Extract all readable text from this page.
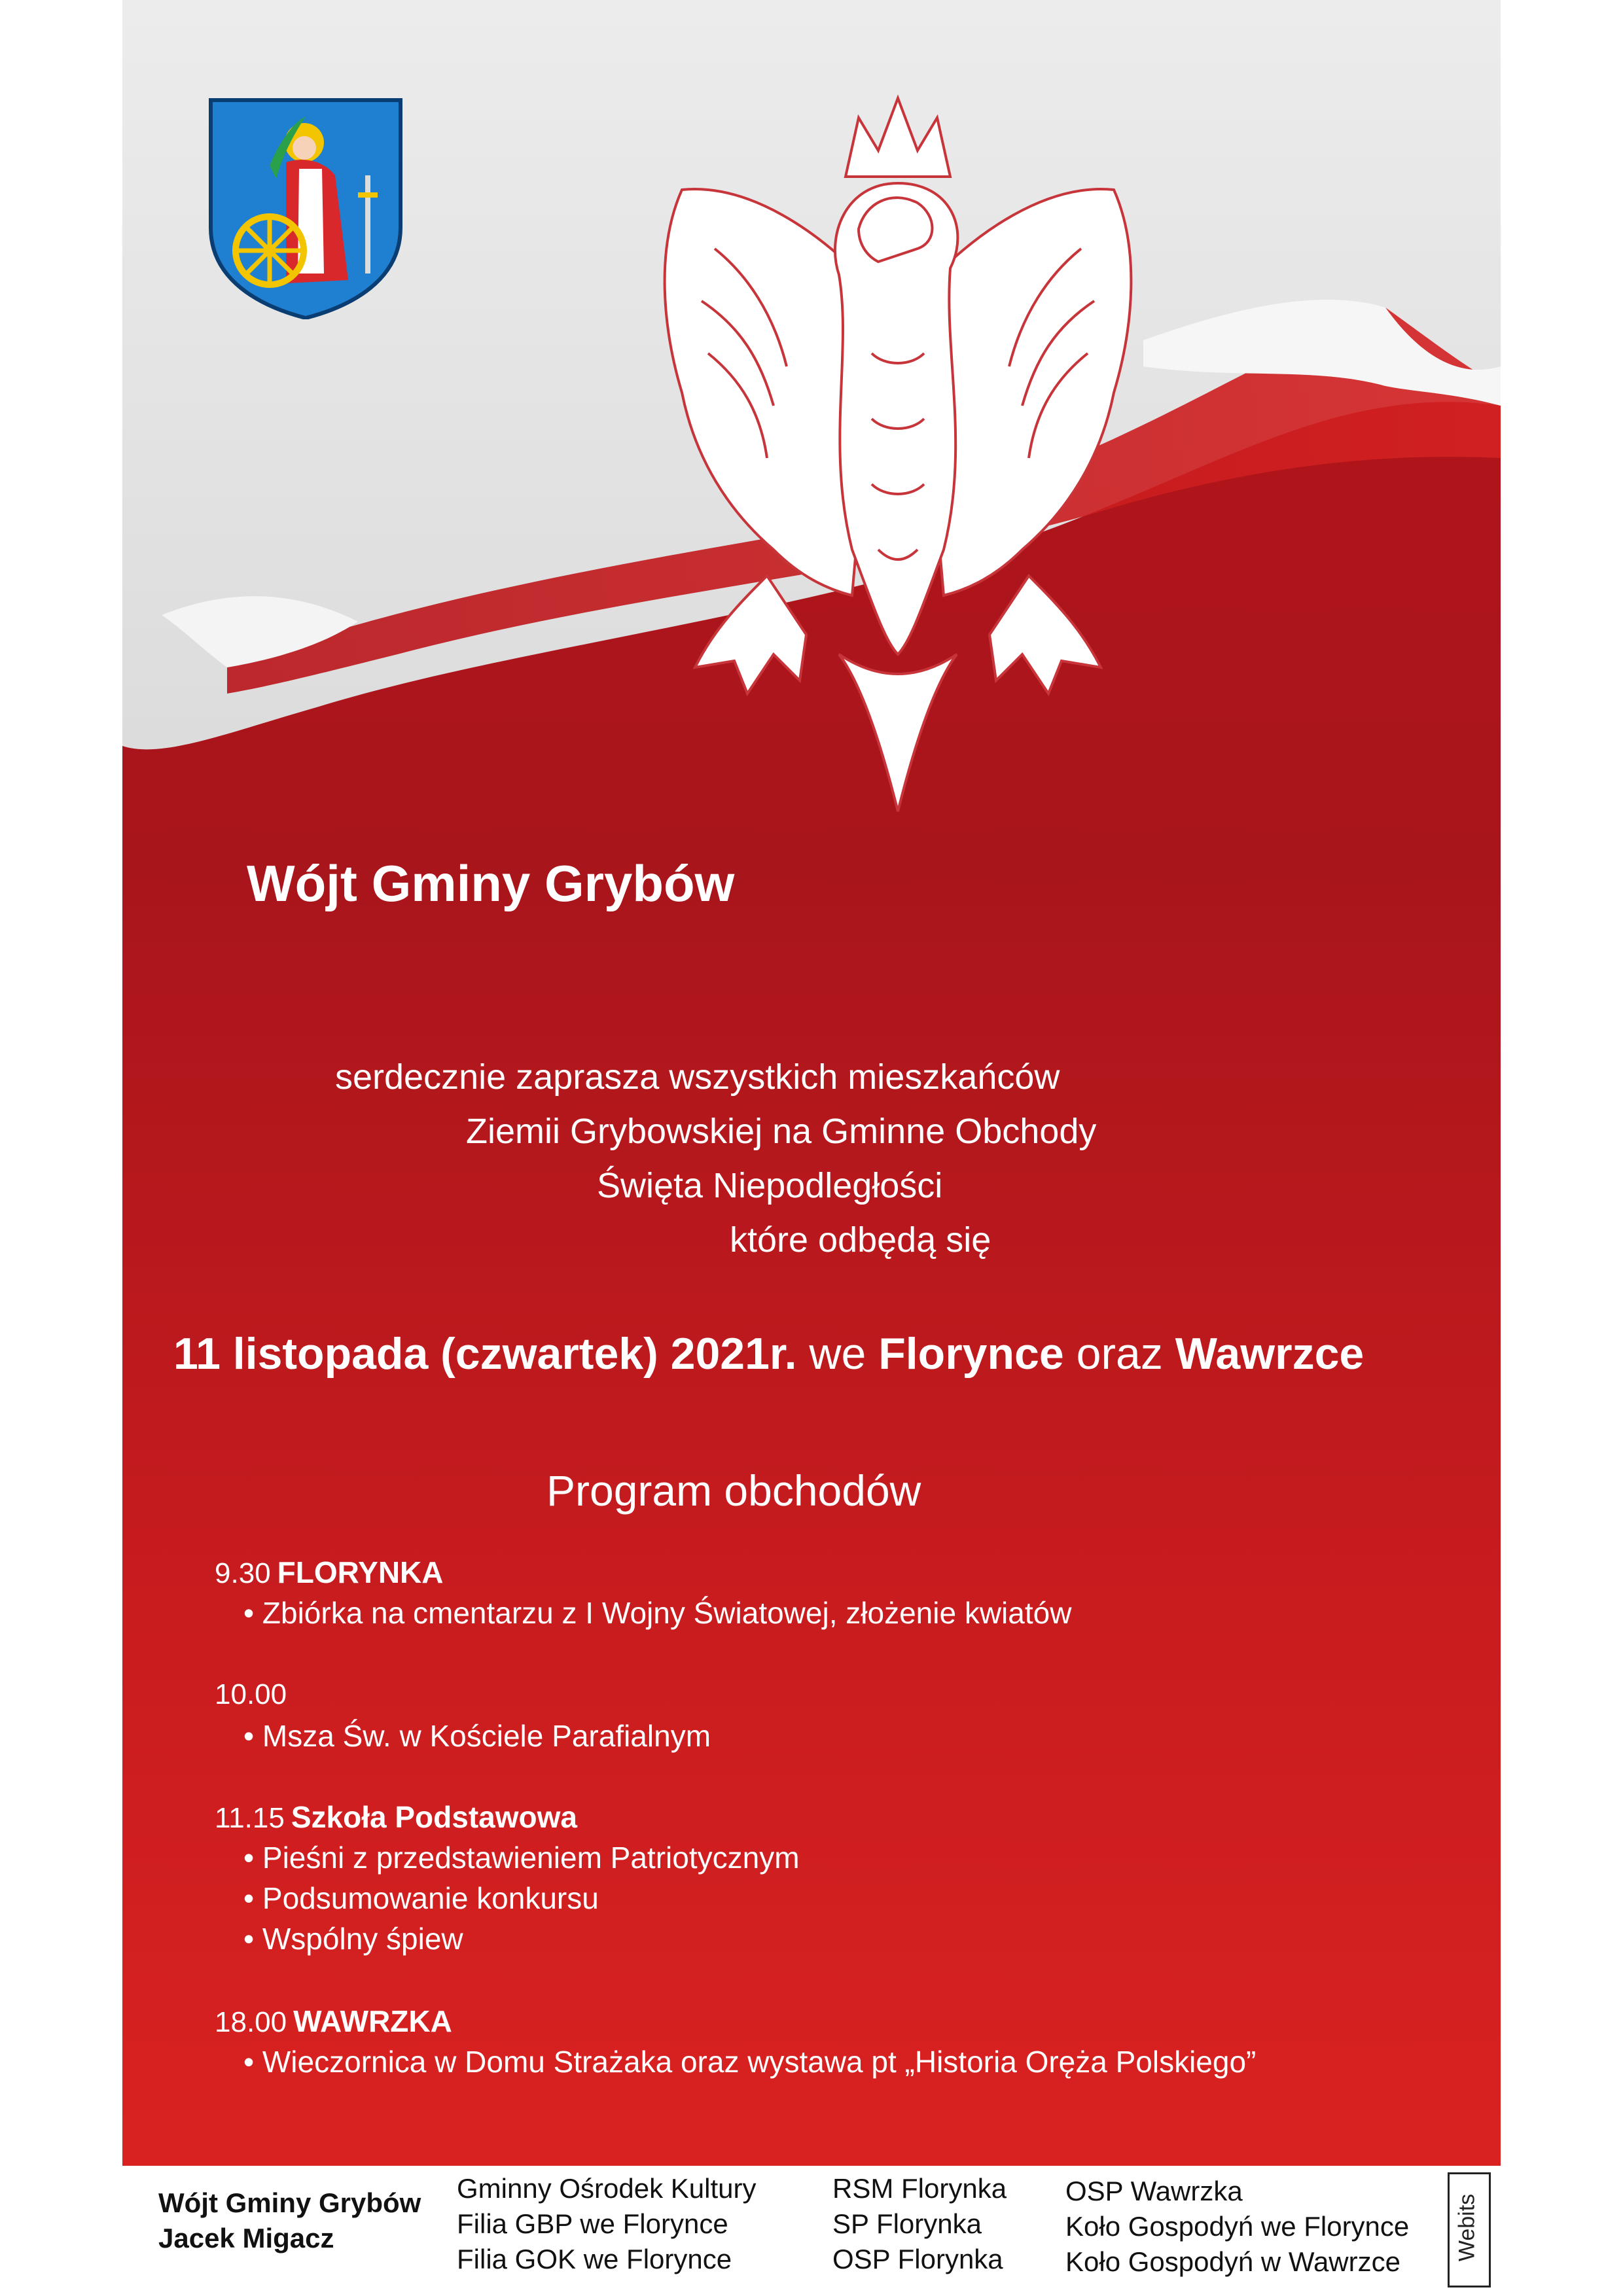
Wójt Gminy Grybów
serdecznie zaprasza wszystkich mieszkańców
Ziemii Grybowskiej na Gminne Obchody
Święta Niepodległości
które odbędą się
11 listopada (czwartek) 2021r. we Florynce oraz Wawrzce
Program obchodów
9.30 FLORYNKA
• Zbiórka na cmentarzu z I Wojny Światowej, złożenie kwiatów
10.00
• Msza Św. w Kościele Parafialnym
11.15 Szkoła Podstawowa
• Pieśni z przedstawieniem Patriotycznym
• Podsumowanie konkursu
• Wspólny śpiew
18.00 WAWRZKA
• Wieczornica w Domu Strażaka oraz wystawa pt „Historia Oręża Polskiego”
Wójt Gminy Grybów
Jacek Migacz
Gminny Ośrodek Kultury
Filia GBP we Florynce
Filia GOK we Florynce
RSM Florynka
SP Florynka
OSP Florynka
OSP Wawrzka
Koło Gospodyń we Florynce
Koło Gospodyń w Wawrzce
Webits
